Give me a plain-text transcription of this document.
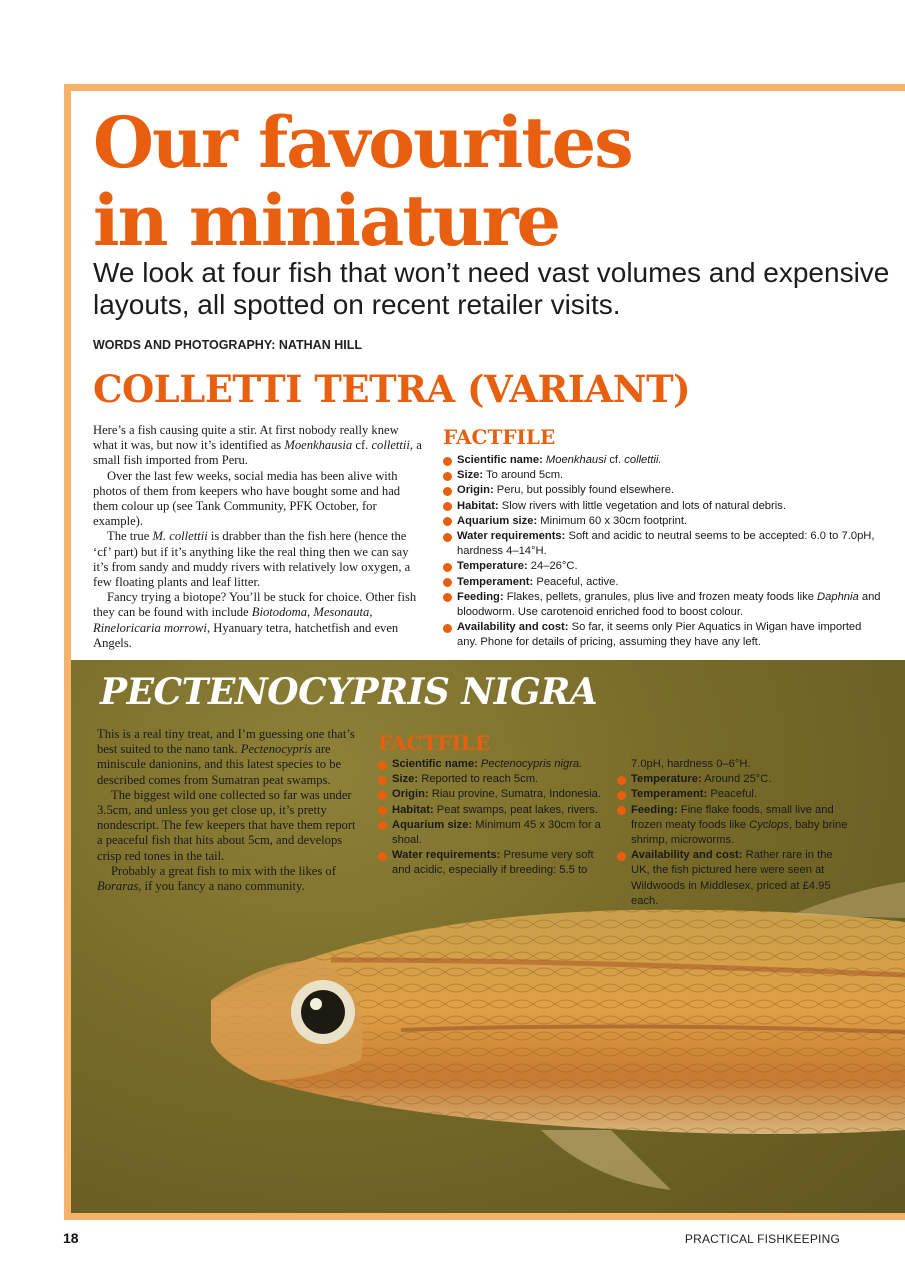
Our favourites
in miniature

We look at four fish that won’t need vast volumes and expensive layouts, all spotted on recent retailer visits.

WORDS AND PHOTOGRAPHY: NATHAN HILL

COLLETTI TETRA (VARIANT)

Here’s a fish causing quite a stir. At first nobody really knew what it was, but now it’s identified as Moenkhausia cf. collettii, a small fish imported from Peru.

Over the last few weeks, social media has been alive with photos of them from keepers who have bought some and had them colour up (see Tank Community, PFK October, for example).

The true M. collettii is drabber than the fish here (hence the ‘cf’ part) but if it’s anything like the real thing then we can say it’s from sandy and muddy rivers with relatively low oxygen, a few floating plants and leaf litter.

Fancy trying a biotope? You’ll be stuck for choice. Other fish they can be found with include Biotodoma, Mesonauta, Rineloricaria morrowi, Hyanuary tetra, hatchetfish and even Angels.

FACTFILE
Scientific name: Moenkhausi cf. collettii.
Size: To around 5cm.
Origin: Peru, but possibly found elsewhere.
Habitat: Slow rivers with little vegetation and lots of natural debris.
Aquarium size: Minimum 60 x 30cm footprint.
Water requirements: Soft and acidic to neutral seems to be accepted: 6.0 to 7.0pH, hardness 4–14°H.
Temperature: 24–26°C.
Temperament: Peaceful, active.
Feeding: Flakes, pellets, granules, plus live and frozen meaty foods like Daphnia and bloodworm. Use carotenoid enriched food to boost colour.
Availability and cost: So far, it seems only Pier Aquatics in Wigan have imported any. Phone for details of pricing, assuming they have any left.
PECTENOCYPRIS NIGRA

This is a real tiny treat, and I’m guessing one that’s best suited to the nano tank. Pectenocypris are miniscule danionins, and this latest species to be described comes from Sumatran peat swamps.

The biggest wild one collected so far was under 3.5cm, and unless you get close up, it’s pretty nondescript. The few keepers that have them report a peaceful fish that hits about 5cm, and develops crisp red tones in the tail.

Probably a great fish to mix with the likes of Boraras, if you fancy a nano community.

FACTFILE
Scientific name: Pectenocypris nigra.
Size: Reported to reach 5cm.
Origin: Riau provine, Sumatra, Indonesia.
Habitat: Peat swamps, peat lakes, rivers.
Aquarium size: Minimum 45 x 30cm for a shoal.
Water requirements: Presume very soft and acidic, especially if breeding: 5.5 to
7.0pH, hardness 0–6°H.
Temperature: Around 25°C.
Temperament: Peaceful.
Feeding: Fine flake foods, small live and frozen meaty foods like Cyclops, baby brine shrimp, microworms.
Availability and cost: Rather rare in the UK, the fish pictured here were seen at Wildwoods in Middlesex, priced at £4.95 each.

18	PRACTICAL FISHKEEPING
